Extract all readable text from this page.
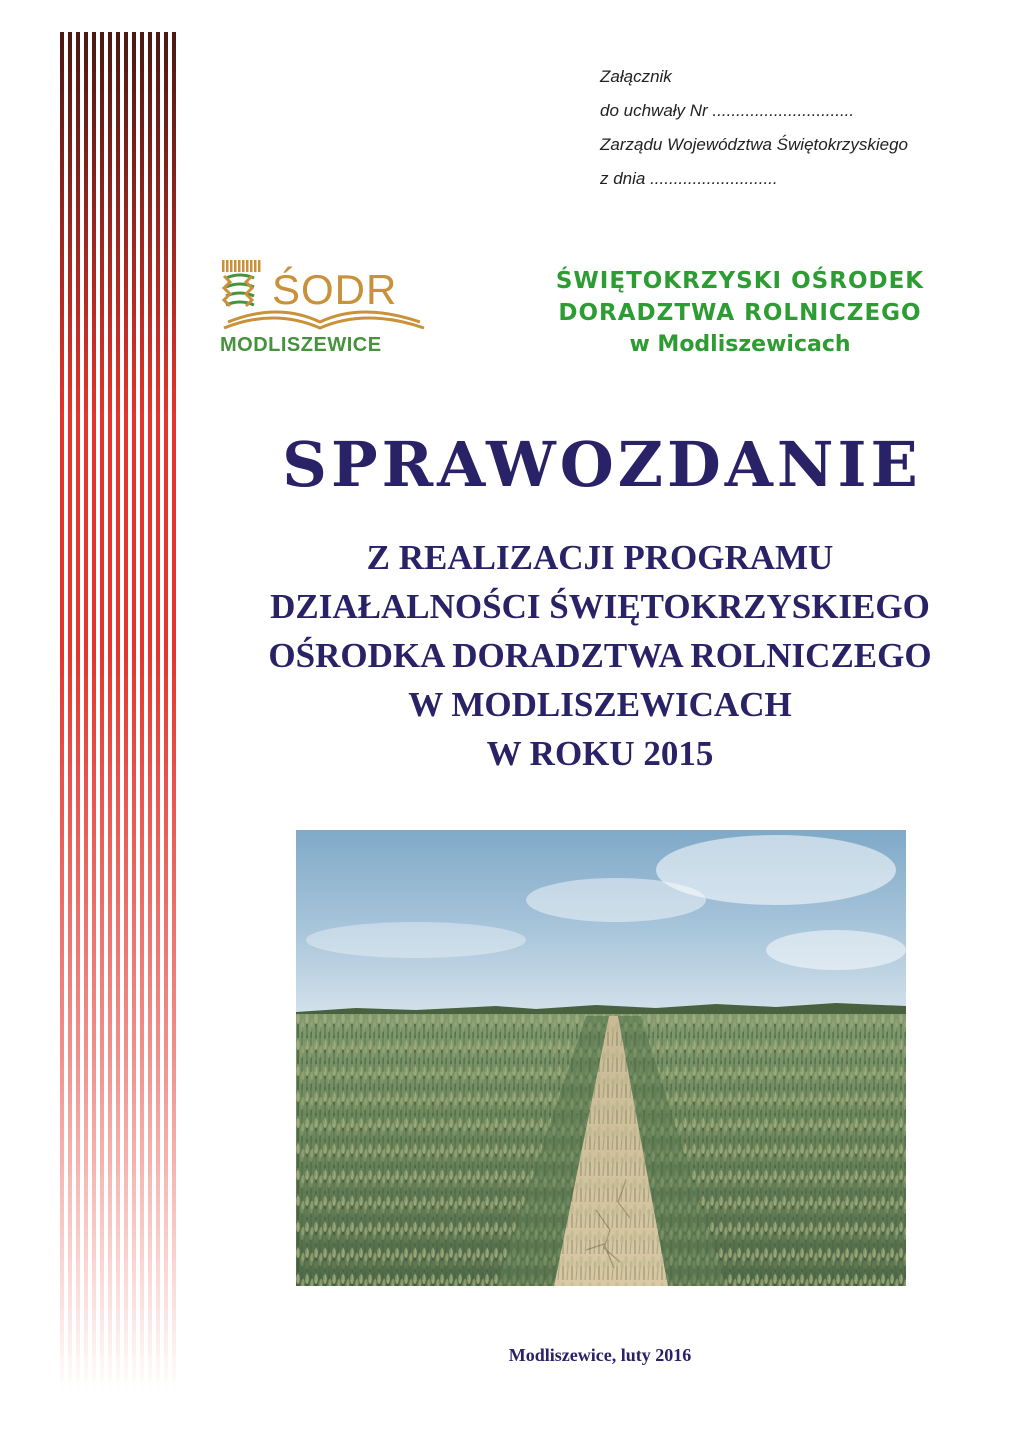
Załącznik
do uchwały Nr ..............................
Zarządu Województwa Świętokrzyskiego
z dnia ...........................
ŚODR
MODLISZEWICE
ŚWIĘTOKRZYSKI OŚRODEK
DORADZTWA ROLNICZEGO
w Modliszewicach
SPRAWOZDANIE
Z REALIZACJI PROGRAMU
DZIAŁALNOŚCI ŚWIĘTOKRZYSKIEGO
OŚRODKA DORADZTWA ROLNICZEGO
W MODLISZEWICACH
W ROKU 2015
Modliszewice, luty 2016
